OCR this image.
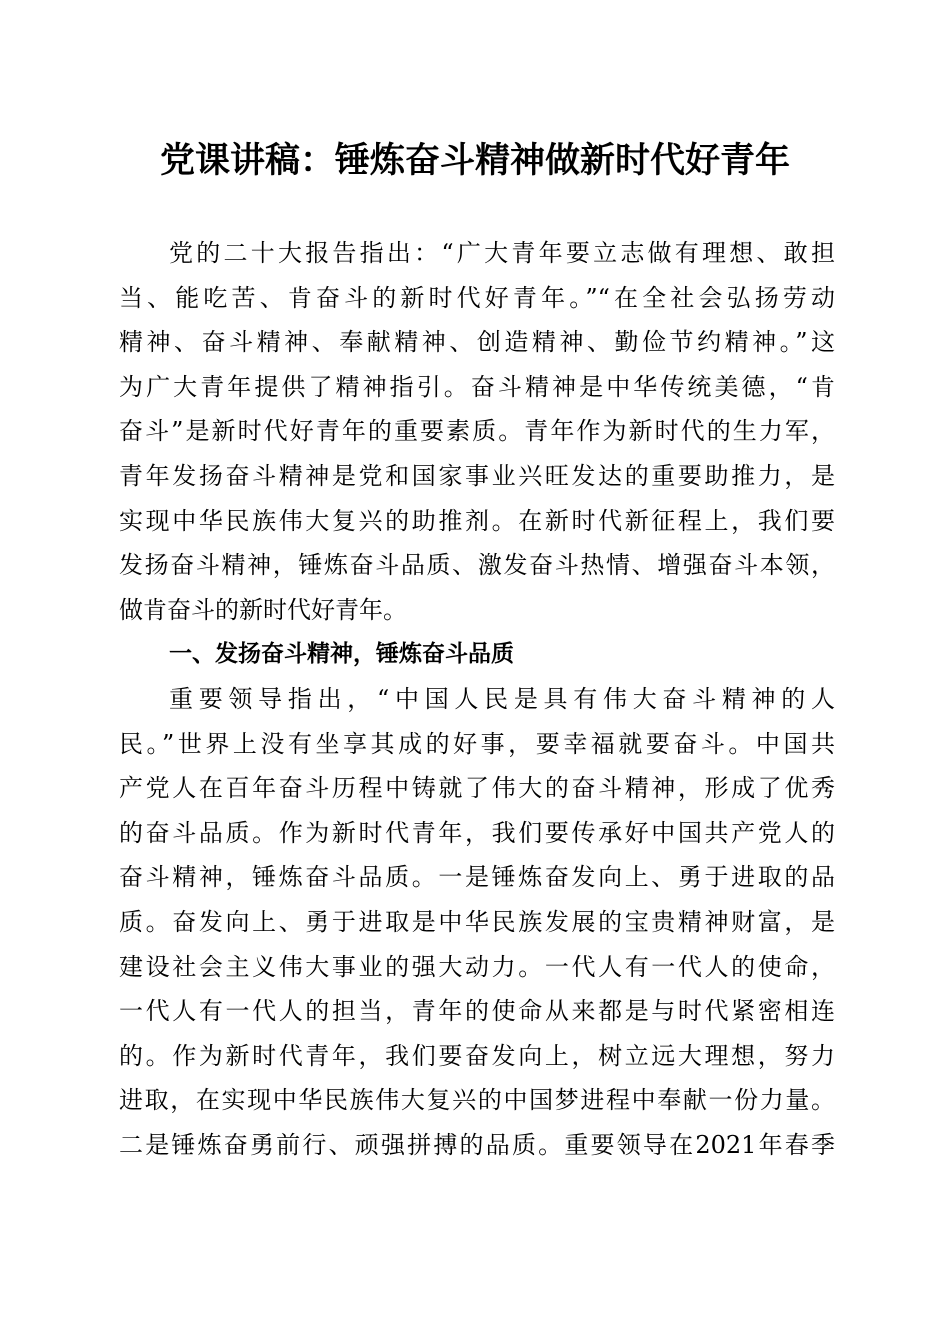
党课讲稿：锤炼奋斗精神做新时代好青年
党的二十大报告指出：“广大青年要立志做有理想、敢担
当、能吃苦、肯奋斗的新时代好青年。”“在全社会弘扬劳动
精神、奋斗精神、奉献精神、创造精神、勤俭节约精神。”这
为广大青年提供了精神指引。奋斗精神是中华传统美德，“肯
奋斗”是新时代好青年的重要素质。青年作为新时代的生力军，
青年发扬奋斗精神是党和国家事业兴旺发达的重要助推力，是
实现中华民族伟大复兴的助推剂。在新时代新征程上，我们要
发扬奋斗精神，锤炼奋斗品质、激发奋斗热情、增强奋斗本领，
做肯奋斗的新时代好青年。
一、发扬奋斗精神，锤炼奋斗品质
重要领导指出，“中国人民是具有伟大奋斗精神的人
民。”世界上没有坐享其成的好事，要幸福就要奋斗。中国共
产党人在百年奋斗历程中铸就了伟大的奋斗精神，形成了优秀
的奋斗品质。作为新时代青年，我们要传承好中国共产党人的
奋斗精神，锤炼奋斗品质。一是锤炼奋发向上、勇于进取的品
质。奋发向上、勇于进取是中华民族发展的宝贵精神财富，是
建设社会主义伟大事业的强大动力。一代人有一代人的使命，
一代人有一代人的担当，青年的使命从来都是与时代紧密相连
的。作为新时代青年，我们要奋发向上，树立远大理想，努力
进取，在实现中华民族伟大复兴的中国梦进程中奉献一份力量。
二是锤炼奋勇前行、顽强拼搏的品质。重要领导在2021年春季
